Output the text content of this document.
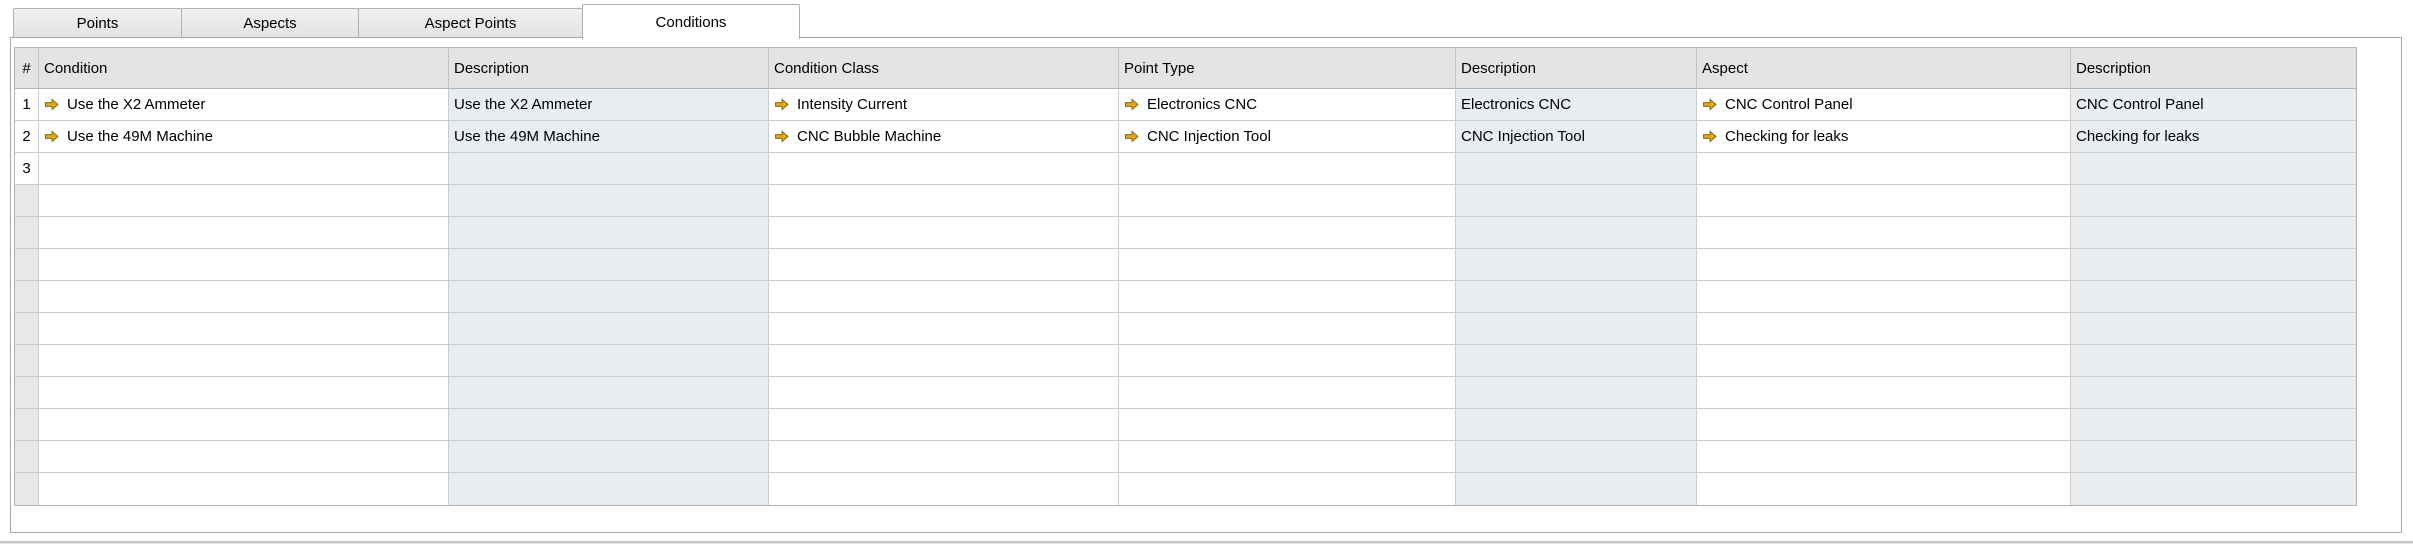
Points	Aspects	Aspect Points	Conditions
# Condition	Description	Condition Class	Point Type	Description	Aspect	Description
1 Use the X2 Ammeter	Use the X2 Ammeter	Intensity Current	Electronics CNC	Electronics CNC	CNC Control Panel	CNC Control Panel
2 Use the 49M Machine	Use the 49M Machine	CNC Bubble Machine	CNC Injection Tool	CNC Injection Tool	Checking for leaks	Checking for leaks
3
